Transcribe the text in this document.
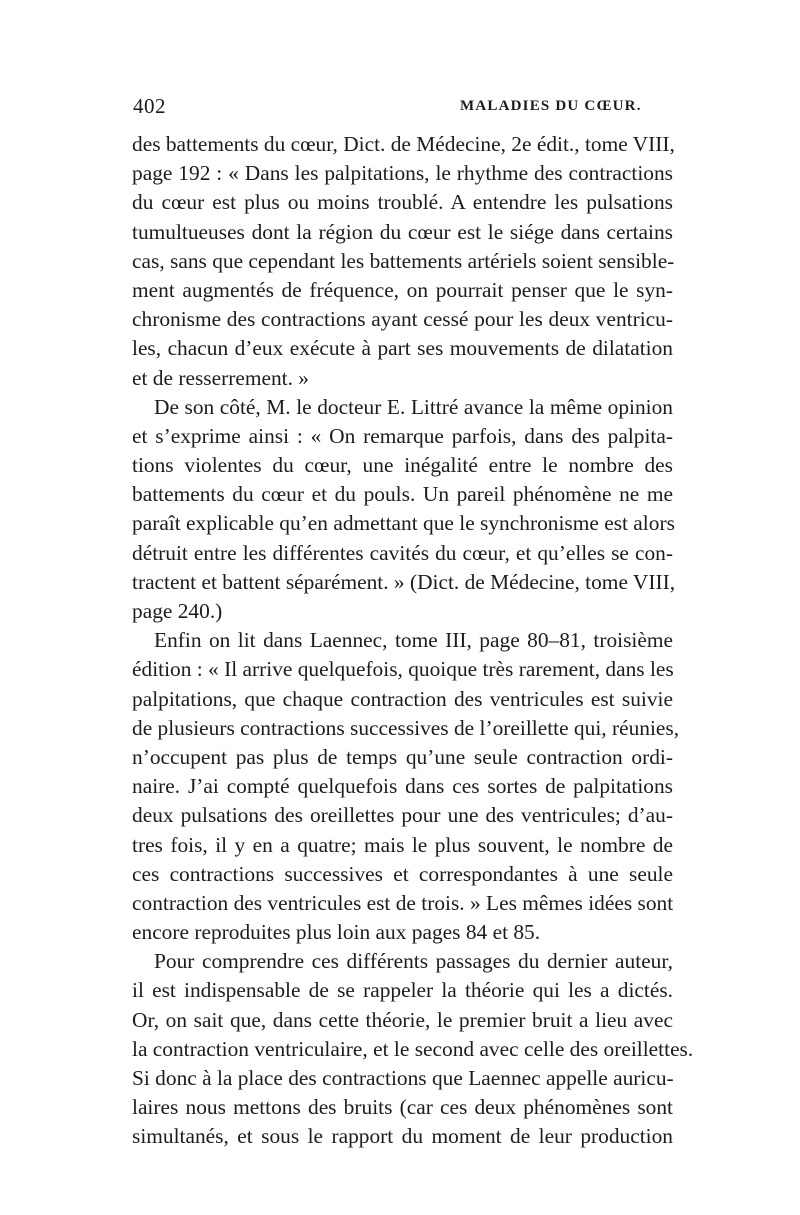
402	MALADIES DU CŒUR.
des battements du cœur, Dict. de Médecine, 2e édit., tome VIII,
page 192 : « Dans les palpitations, le rhythme des contractions
du cœur est plus ou moins troublé. A entendre les pulsations
tumultueuses dont la région du cœur est le siége dans certains
cas, sans que cependant les battements artériels soient sensible-
ment augmentés de fréquence, on pourrait penser que le syn-
chronisme des contractions ayant cessé pour les deux ventricu-
les, chacun d’eux exécute à part ses mouvements de dilatation
et de resserrement. »
De son côté, M. le docteur E. Littré avance la même opinion
et s’exprime ainsi : « On remarque parfois, dans des palpita-
tions violentes du cœur, une inégalité entre le nombre des
battements du cœur et du pouls. Un pareil phénomène ne me
paraît explicable qu’en admettant que le synchronisme est alors
détruit entre les différentes cavités du cœur, et qu’elles se con-
tractent et battent séparément. » (Dict. de Médecine, tome VIII,
page 240.)
Enfin on lit dans Laennec, tome III, page 80–81, troisième
édition : « Il arrive quelquefois, quoique très rarement, dans les
palpitations, que chaque contraction des ventricules est suivie
de plusieurs contractions successives de l’oreillette qui, réunies,
n’occupent pas plus de temps qu’une seule contraction ordi-
naire. J’ai compté quelquefois dans ces sortes de palpitations
deux pulsations des oreillettes pour une des ventricules; d’au-
tres fois, il y en a quatre; mais le plus souvent, le nombre de
ces contractions successives et correspondantes à une seule
contraction des ventricules est de trois. » Les mêmes idées sont
encore reproduites plus loin aux pages 84 et 85.
Pour comprendre ces différents passages du dernier auteur,
il est indispensable de se rappeler la théorie qui les a dictés.
Or, on sait que, dans cette théorie, le premier bruit a lieu avec
la contraction ventriculaire, et le second avec celle des oreillettes.
Si donc à la place des contractions que Laennec appelle auricu-
laires nous mettons des bruits (car ces deux phénomènes sont
simultanés, et sous le rapport du moment de leur production
